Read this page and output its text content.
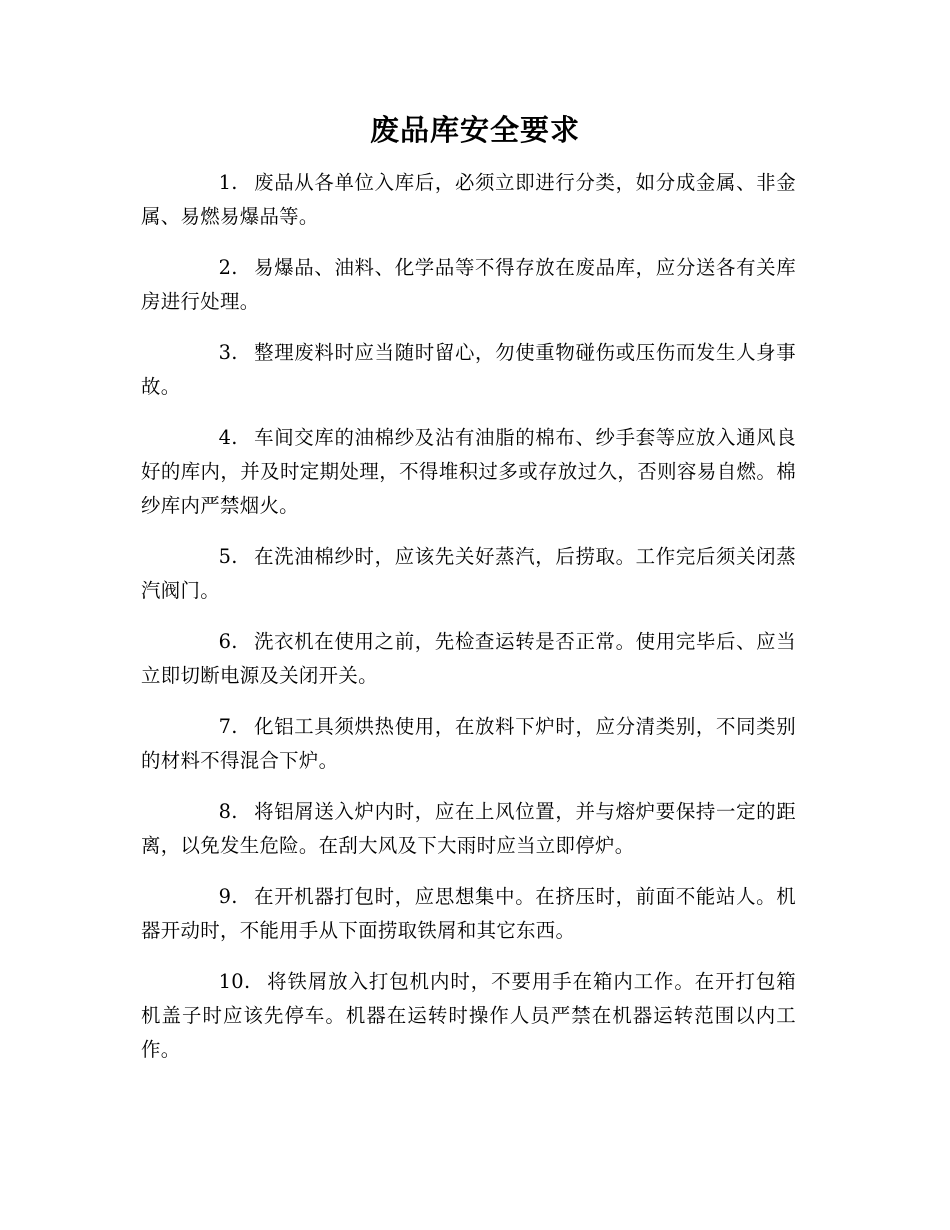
废品库安全要求

1. 废品从各单位入库后，必须立即进行分类，如分成金属、非金属、易燃易爆品等。

2. 易爆品、油料、化学品等不得存放在废品库，应分送各有关库房进行处理。

3. 整理废料时应当随时留心，勿使重物碰伤或压伤而发生人身事故。

4. 车间交库的油棉纱及沾有油脂的棉布、纱手套等应放入通风良好的库内，并及时定期处理，不得堆积过多或存放过久，否则容易自燃。棉纱库内严禁烟火。

5. 在洗油棉纱时，应该先关好蒸汽，后捞取。工作完后须关闭蒸汽阀门。

6. 洗衣机在使用之前，先检查运转是否正常。使用完毕后、应当立即切断电源及关闭开关。

7. 化铝工具须烘热使用，在放料下炉时，应分清类别，不同类别的材料不得混合下炉。

8. 将铝屑送入炉内时，应在上风位置，并与熔炉要保持一定的距离，以免发生危险。在刮大风及下大雨时应当立即停炉。

9. 在开机器打包时，应思想集中。在挤压时，前面不能站人。机器开动时，不能用手从下面捞取铁屑和其它东西。

10. 将铁屑放入打包机内时，不要用手在箱内工作。在开打包箱机盖子时应该先停车。机器在运转时操作人员严禁在机器运转范围以内工作。
